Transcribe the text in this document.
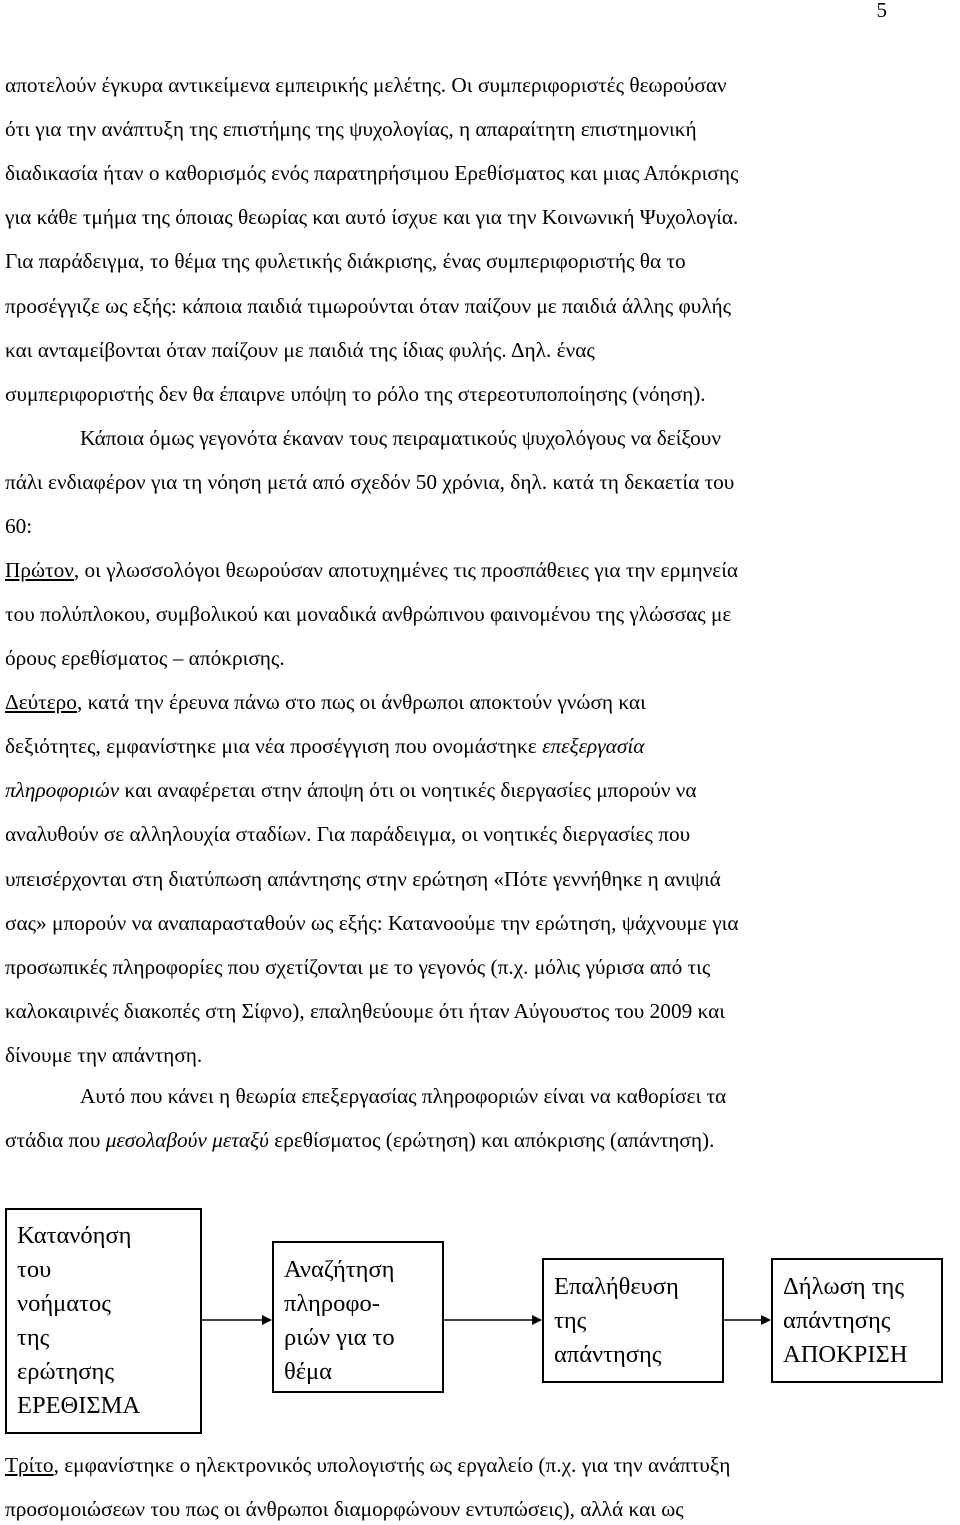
5
αποτελούν έγκυρα αντικείμενα εμπειρικής μελέτης. Οι συμπεριφοριστές θεωρούσαν
ότι για την ανάπτυξη της επιστήμης της ψυχολογίας, η απαραίτητη επιστημονική
διαδικασία ήταν ο καθορισμός ενός παρατηρήσιμου Ερεθίσματος και μιας Απόκρισης
για κάθε τμήμα της όποιας θεωρίας και αυτό ίσχυε και για την Κοινωνική Ψυχολογία.
Για παράδειγμα, το θέμα της φυλετικής διάκρισης, ένας συμπεριφοριστής θα το
προσέγγιζε ως εξής: κάποια παιδιά τιμωρούνται όταν παίζουν με παιδιά άλλης φυλής
και ανταμείβονται όταν παίζουν με παιδιά της ίδιας φυλής. Δηλ. ένας
συμπεριφοριστής δεν θα έπαιρνε υπόψη το ρόλο της στερεοτυποποίησης (νόηση).
Κάποια όμως γεγονότα έκαναν τους πειραματικούς ψυχολόγους να δείξουν
πάλι ενδιαφέρον για τη νόηση μετά από σχεδόν 50 χρόνια, δηλ. κατά τη δεκαετία του
60:
Πρώτον, οι γλωσσολόγοι θεωρούσαν αποτυχημένες τις προσπάθειες για την ερμηνεία
του πολύπλοκου, συμβολικού και μοναδικά ανθρώπινου φαινομένου της γλώσσας με
όρους ερεθίσματος – απόκρισης.
Δεύτερο, κατά την έρευνα πάνω στο πως οι άνθρωποι αποκτούν γνώση και
δεξιότητες, εμφανίστηκε μια νέα προσέγγιση που ονομάστηκε επεξεργασία
πληροφοριών και αναφέρεται στην άποψη ότι οι νοητικές διεργασίες μπορούν να
αναλυθούν σε αλληλουχία σταδίων. Για παράδειγμα, οι νοητικές διεργασίες που
υπεισέρχονται στη διατύπωση απάντησης στην ερώτηση «Πότε γεννήθηκε η ανιψιά
σας» μπορούν να αναπαρασταθούν ως εξής: Κατανοούμε την ερώτηση, ψάχνουμε για
προσωπικές πληροφορίες που σχετίζονται με το γεγονός (π.χ. μόλις γύρισα από τις
καλοκαιρινές διακοπές στη Σίφνο), επαληθεύουμε ότι ήταν Αύγουστος του 2009 και
δίνουμε την απάντηση.
Αυτό που κάνει η θεωρία επεξεργασίας πληροφοριών είναι να καθορίσει τα
στάδια που μεσολαβούν μεταξύ ερεθίσματος (ερώτηση) και απόκρισης (απάντηση).
Κατανόηση
του
νοήματος
της
ερώτησης
ΕΡΕΘΙΣΜΑ
Αναζήτηση
πληροφο-
ριών για το
θέμα
Επαλήθευση
της
απάντησης
Δήλωση της
απάντησης
ΑΠΟΚΡΙΣΗ
Τρίτο, εμφανίστηκε ο ηλεκτρονικός υπολογιστής ως εργαλείο (π.χ. για την ανάπτυξη
προσομοιώσεων του πως οι άνθρωποι διαμορφώνουν εντυπώσεις), αλλά και ως
